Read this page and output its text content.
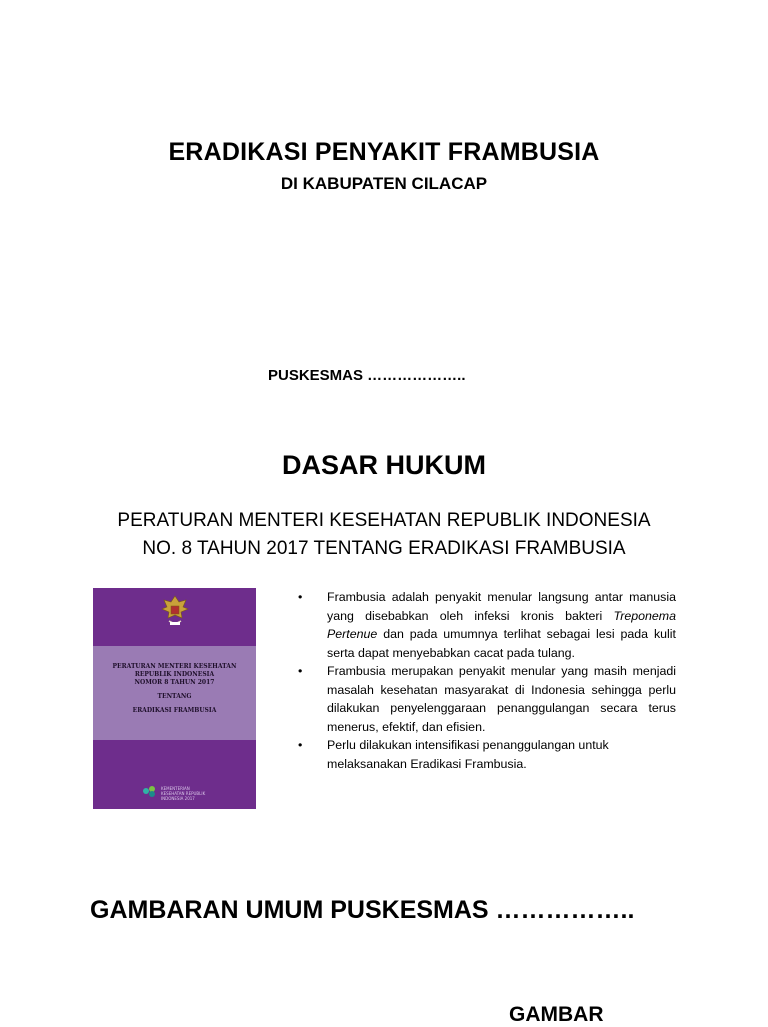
ERADIKASI PENYAKIT FRAMBUSIA
DI KABUPATEN CILACAP
PUSKESMAS ………………..
DASAR HUKUM
PERATURAN MENTERI KESEHATAN REPUBLIK INDONESIA
NO. 8 TAHUN 2017 TENTANG ERADIKASI FRAMBUSIA
PERATURAN MENTERI KESEHATAN
REPUBLIK INDONESIA
NOMOR 8 TAHUN 2017
TENTANG
ERADIKASI FRAMBUSIA
KEMENTERIAN KESEHATAN REPUBLIK INDONESIA 2017
• Frambusia adalah penyakit menular langsung antar manusia yang disebabkan oleh infeksi kronis bakteri Treponema Pertenue dan pada umumnya terlihat sebagai lesi pada kulit serta dapat menyebabkan cacat pada tulang.
• Frambusia merupakan penyakit menular yang masih menjadi masalah kesehatan masyarakat di Indonesia sehingga perlu dilakukan penyelenggaraan penanggulangan secara terus menerus, efektif, dan efisien.
• Perlu dilakukan intensifikasi penanggulangan untuk melaksanakan Eradikasi Frambusia.
GAMBARAN UMUM PUSKESMAS ……………..
GAMBAR
